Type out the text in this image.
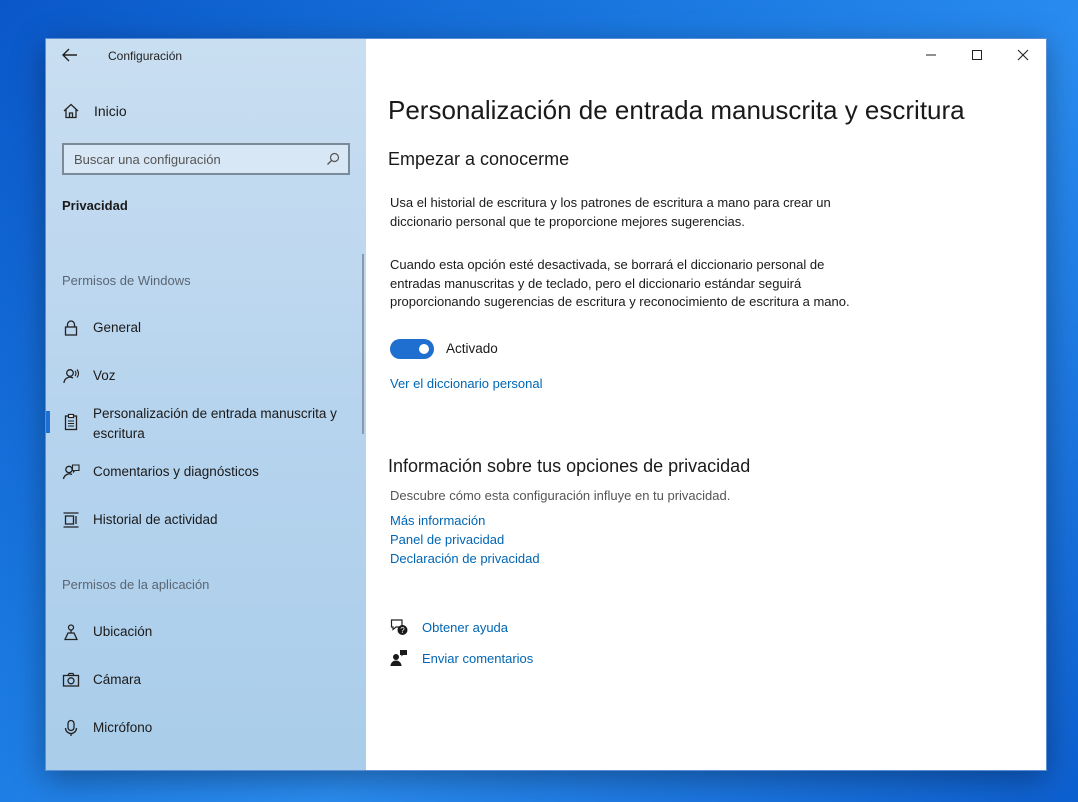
Configuración
Inicio
Buscar una configuración
Privacidad
Permisos de Windows
General
Voz
Personalización de entrada manuscrita y escritura
Comentarios y diagnósticos
Historial de actividad
Permisos de la aplicación
Ubicación
Cámara
Micrófono
Personalización de entrada manuscrita y escritura
Empezar a conocerme
Usa el historial de escritura y los patrones de escritura a mano para crear un diccionario personal que te proporcione mejores sugerencias.
Cuando esta opción esté desactivada, se borrará el diccionario personal de entradas manuscritas y de teclado, pero el diccionario estándar seguirá proporcionando sugerencias de escritura y reconocimiento de escritura a mano.
Activado
Ver el diccionario personal
Información sobre tus opciones de privacidad
Descubre cómo esta configuración influye en tu privacidad.
Más información
Panel de privacidad
Declaración de privacidad
? Obtener ayuda
Enviar comentarios
